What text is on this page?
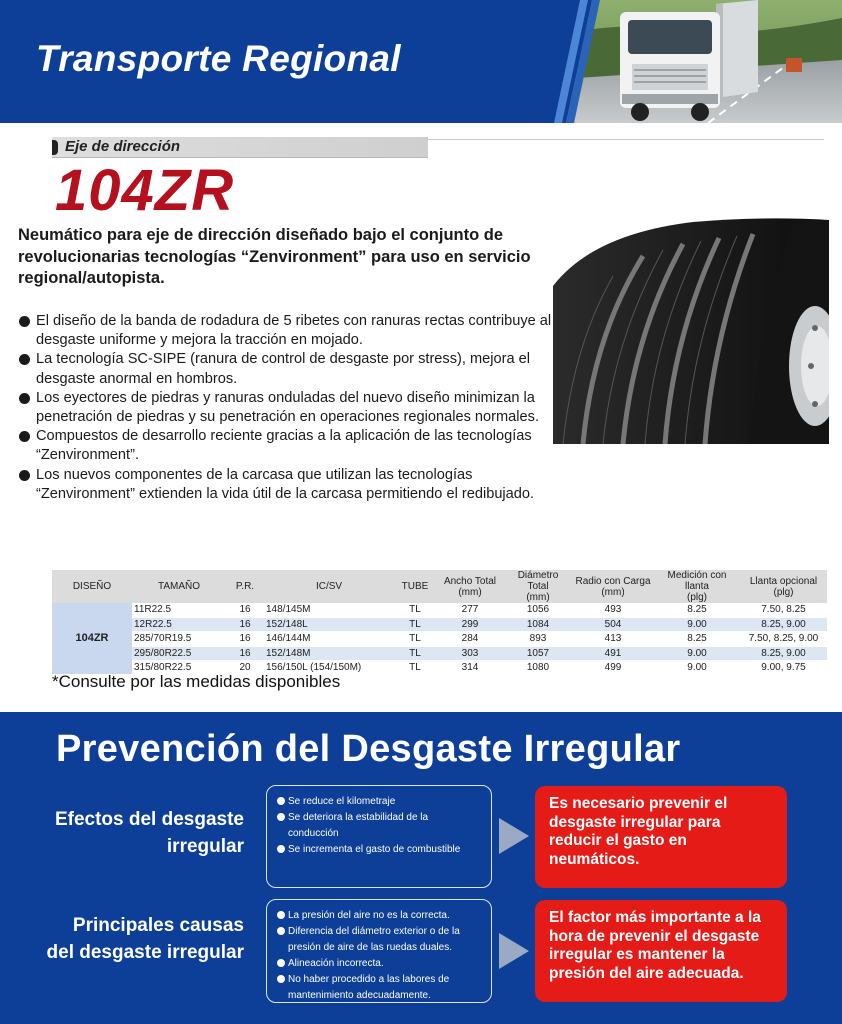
Transporte Regional
Eje de dirección
104ZR
Neumático para eje de dirección diseñado bajo el conjunto de revolucionarias tecnologías “Zenvironment” para uso en servicio regional/autopista.
El diseño de la banda de rodadura de 5 ribetes con ranuras rectas contribuye al desgaste uniforme y mejora la tracción en mojado.
La tecnología SC-SIPE (ranura de control de desgaste por stress), mejora el desgaste anormal en hombros.
Los eyectores de piedras y ranuras onduladas del nuevo diseño minimizan la penetración de piedras y su penetración en operaciones regionales normales.
Compuestos de desarrollo reciente gracias a la aplicación de las tecnologías “Zenvironment”.
Los nuevos componentes de la carcasa que utilizan las tecnologías “Zenvironment” extienden la vida útil de la carcasa permitiendo el redibujado.
DISEÑO	TAMAÑO	P.R.	IC/SV	TUBE	Ancho Total
(mm)	Diámetro Total
(mm)	Radio con Carga
(mm)	Medición con llanta
(plg)	Llanta opcional
(plg)
104ZR	11R22.5	16	148/145M	TL	277	1056	493	8.25	7.50, 8.25
	12R22.5	16	152/148L	TL	299	1084	504	9.00	8.25, 9.00
	285/70R19.5	16	146/144M	TL	284	893	413	8.25	7.50, 8.25, 9.00
	295/80R22.5	16	152/148M	TL	303	1057	491	9.00	8.25, 9.00
	315/80R22.5	20	156/150L (154/150M)	TL	314	1080	499	9.00	9.00, 9.75
*Consulte por las medidas disponibles
Prevención del Desgaste Irregular
Efectos del desgaste irregular
Se reduce el kilometraje
Se deteriora la estabilidad de la conducción
Se incrementa el gasto de combustible
Es necesario prevenir el desgaste irregular para reducir el gasto en neumáticos.
Principales causas del desgaste irregular
La presión del aire no es la correcta.
Diferencia del diámetro exterior o de la presión de aire de las ruedas duales.
Alineación incorrecta.
No haber procedido a las labores de mantenimiento adecuadamente.
El factor más importante a la hora de prevenir el desgaste irregular es mantener la presión del aire adecuada.
